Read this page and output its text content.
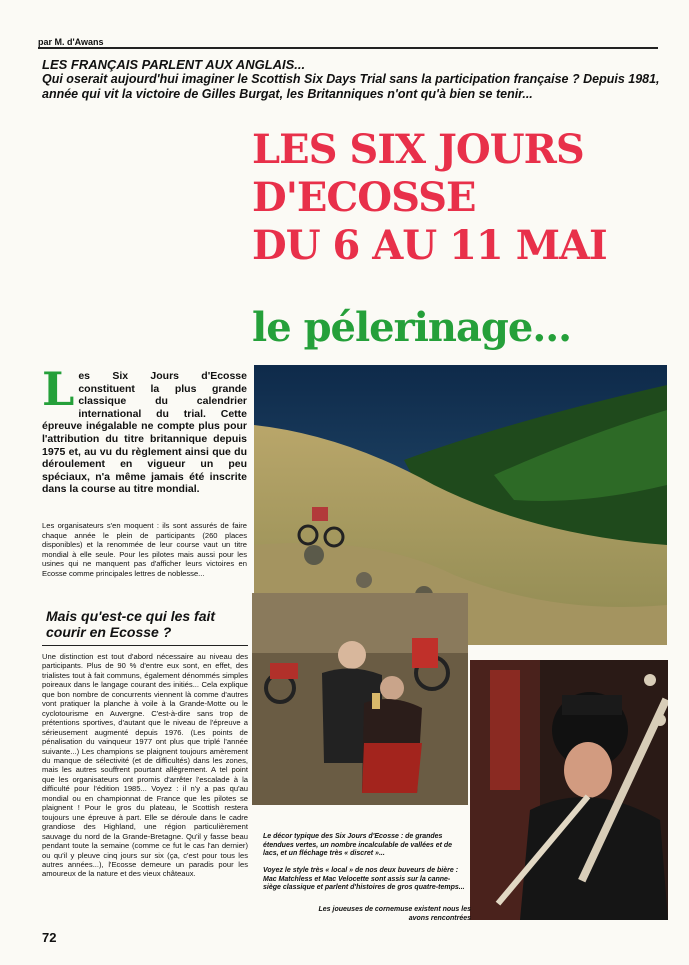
par M. d'Awans
LES FRANÇAIS PARLENT AUX ANGLAIS...
Qui oserait aujourd'hui imaginer le Scottish Six Days Trial sans la participation française ? Depuis 1981, année qui vit la victoire de Gilles Burgat, les Britanniques n'ont qu'à bien se tenir...
LES SIX JOURS
D'ECOSSE
DU 6 AU 11 MAI
le pélerinage...
L es Six Jours d'Ecosse constituent la plus grande classique du calendrier international du trial. Cette épreuve inégalable ne compte plus pour l'attribution du titre britannique depuis 1975 et, au vu du règlement ainsi que du déroulement en vigueur un peu spéciaux, n'a même jamais été inscrite dans la course au titre mondial.
Les organisateurs s'en moquent : ils sont assurés de faire chaque année le plein de participants (260 places disponibles) et la renommée de leur course vaut un titre mondial à elle seule. Pour les pilotes mais aussi pour les usines qui ne manquent pas d'afficher leurs victoires en Ecosse comme principales lettres de noblesse...
Mais qu'est-ce qui les fait courir en Ecosse ?
Une distinction est tout d'abord nécessaire au niveau des participants. Plus de 90 % d'entre eux sont, en effet, des trialistes tout à fait communs, également dénommés simples poireaux dans le langage courant des initiés... Cela explique que bon nombre de concurrents viennent là comme d'autres vont pratiquer la planche à voile à la Grande-Motte ou le cyclotourisme en Auvergne. C'est-à-dire sans trop de prétentions sportives, d'autant que le niveau de l'épreuve a sérieusement augmenté depuis 1976. (Les points de pénalisation du vainqueur 1977 ont plus que triplé l'année suivante...) Les champions se plaignent toujours amèrement du manque de sélectivité (et de difficultés) dans les zones, mais les autres souffrent pourtant allègrement. A tel point que les organisateurs ont promis d'arrêter l'escalade à la difficulté pour l'édition 1985... Voyez : il n'y a pas qu'au mondial ou en championnat de France que les pilotes se plaignent ! Pour le gros du plateau, le Scottish restera toujours une épreuve à part. Elle se déroule dans le cadre grandiose des Highland, une région particulièrement sauvage du nord de la Grande-Bretagne. Qu'il y fasse beau pendant toute la semaine (comme ce fut le cas l'an dernier) ou qu'il y pleuve cinq jours sur six (ça, c'est pour tous les autres années...), l'Ecosse demeure un paradis pour les amoureux de la nature et des vieux châteaux.
Le décor typique des Six Jours d'Ecosse : de grandes étendues vertes, un nombre incalculable de vallées et de lacs, et un fléchage très « discret »...
Voyez le style très « local » de nos deux buveurs de bière : Mac Matchless et Mac Velocette sont assis sur la canne-siège classique et parlent d'histoires de gros quatre-temps...
Les joueuses de cornemuse existent nous les avons rencontrées
72
